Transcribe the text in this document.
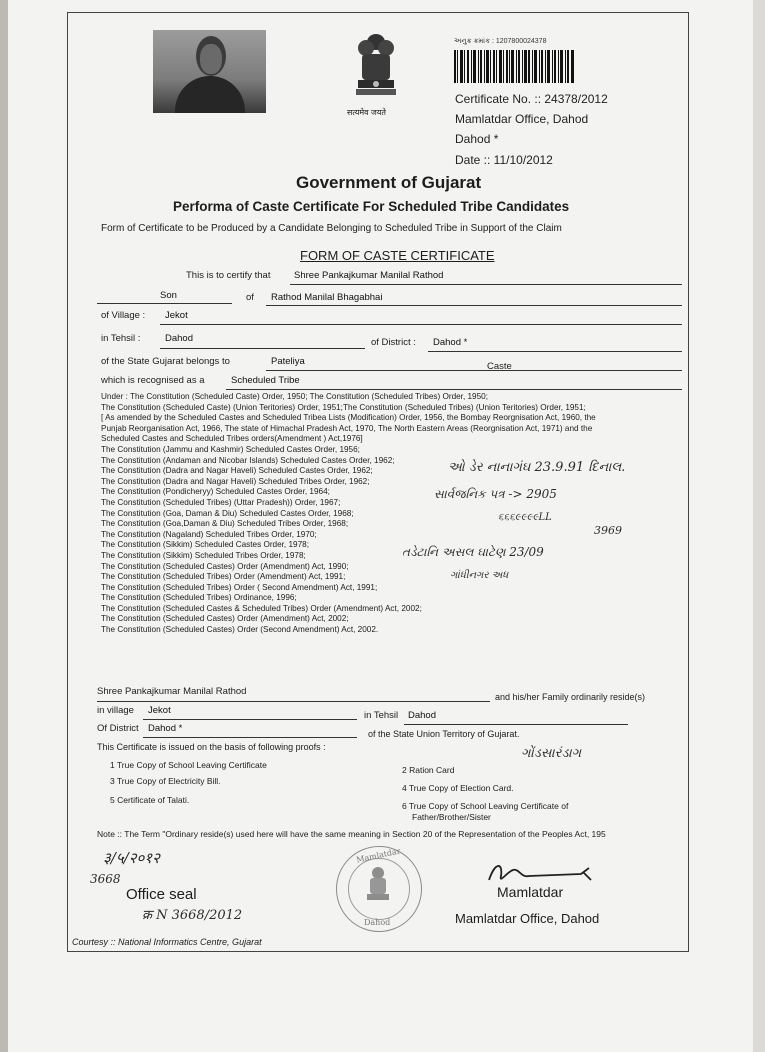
सत्यमेव जयते
અનુક્ર ક્રમાંક : 1207800024378
Certificate No. :: 24378/2012
Mamlatdar Office, Dahod
Dahod *
Date :: 11/10/2012
Government of Gujarat
Performa of Caste Certificate For Scheduled Tribe Candidates
Form of Certificate to be Produced by a Candidate Belonging to Scheduled Tribe in Support of the Claim
FORM OF CASTE CERTIFICATE
This is to certify that Shree Pankajkumar Manilal Rathod
Son	of Rathod Manilal Bhagabhai
of Village : Jekot
in Tehsil :	Dahod	of District : Dahod *
of the State Gujarat belongs to	Pateliya	Caste
which is recognised as a	Scheduled Tribe
Under : The Constitution (Scheduled Caste) Order, 1950; The Constitution (Scheduled Tribes) Order, 1950;
The Constitution (Scheduled Caste) (Union Teritories) Order, 1951;The Constitution (Scheduled Tribes) (Union Teritories) Order, 1951;
[ As amended by the Scheduled Castes and Scheduled Tribea Lists (Modification) Order, 1956, the Bombay Reorgnisation Act, 1960, the
Punjab Reorganisation Act, 1966, The state of Himachal Pradesh Act, 1970, The North Eastern Areas (Reorgnisation Act, 1971) and the
Scheduled Castes and Scheduled Tribes orders(Amendment ) Act,1976]
The Constitution (Jammu and Kashmir) Scheduled Castes Order, 1956;
The Constitution (Andaman and Nicobar Islands) Scheduled Castes Order, 1962;
The Constitution (Dadra and Nagar Haveli) Scheduled Castes Order, 1962;
The Constitution (Dadra and Nagar Haveli) Scheduled Tribes Order, 1962;
The Constitution (Pondicheryy) Scheduled Castes Order, 1964;
The Constitution (Scheduled Tribes) (Uttar Pradesh)) Order, 1967;
The Constitution (Goa, Daman & Diu) Scheduled Castes Order, 1968;
The Constitution (Goa,Daman & Diu) Scheduled Tribes Order, 1968;
The Constitution (Nagaland) Scheduled Tribes Order, 1970;
The Constitution (Sikkim) Scheduled Castes Order, 1978;
The Constitution (Sikkim) Scheduled Tribes Order, 1978;
The Constitution (Scheduled Castes) Order (Amendment) Act, 1990;
The Constitution (Scheduled Tribes) Order (Amendment) Act, 1991;
The Constitution (Scheduled Tribes) Order ( Second Amendment) Act, 1991;
The Constitution (Scheduled Tribes) Ordinance, 1996;
The Constitution (Scheduled Castes & Scheduled Tribes) Order (Amendment) Act, 2002;
The Constitution (Scheduled Castes) Order (Amendment) Act, 2002;
The Constitution (Scheduled Castes) Order (Second Amendment) Act, 2002.
ઓ ડેર નાનાગંઘ 23.9.91 દિનાલ.
સાર્વજનિક પત્ર -> 2905
૬૬૬૯૯૯૯LL
3969
તડેટાનિ અસલ ઘાટેણ 23/09
ગાંધીનગર અધ
Shree Pankajkumar Manilal Rathod	and his/her Family ordinarily reside(s)
in village Jekot	in Tehsil Dahod
Of District Dahod *	of the State Union Territory of Gujarat.
This Certificate is issued on the basis of following proofs :	ગોંડસારંડાગ
1 True Copy of School Leaving Certificate
3 True Copy of Electricity Bill.
5 Certificate of Talati.
2 Ration Card
4 True Copy of Election Card.
6 True Copy of School Leaving Certificate of
Father/Brother/Sister
Note :: The Term "Ordinary reside(s) used here will have the same meaning in Section 20 of the Representation of the Peoples Act, 195
३/५/२०१२
3668
Office seal
क्र N 3668/2012
Mamlatdar
Dahod
Mamlatdar
Mamlatdar Office, Dahod
Courtesy :: National Informatics Centre, Gujarat
